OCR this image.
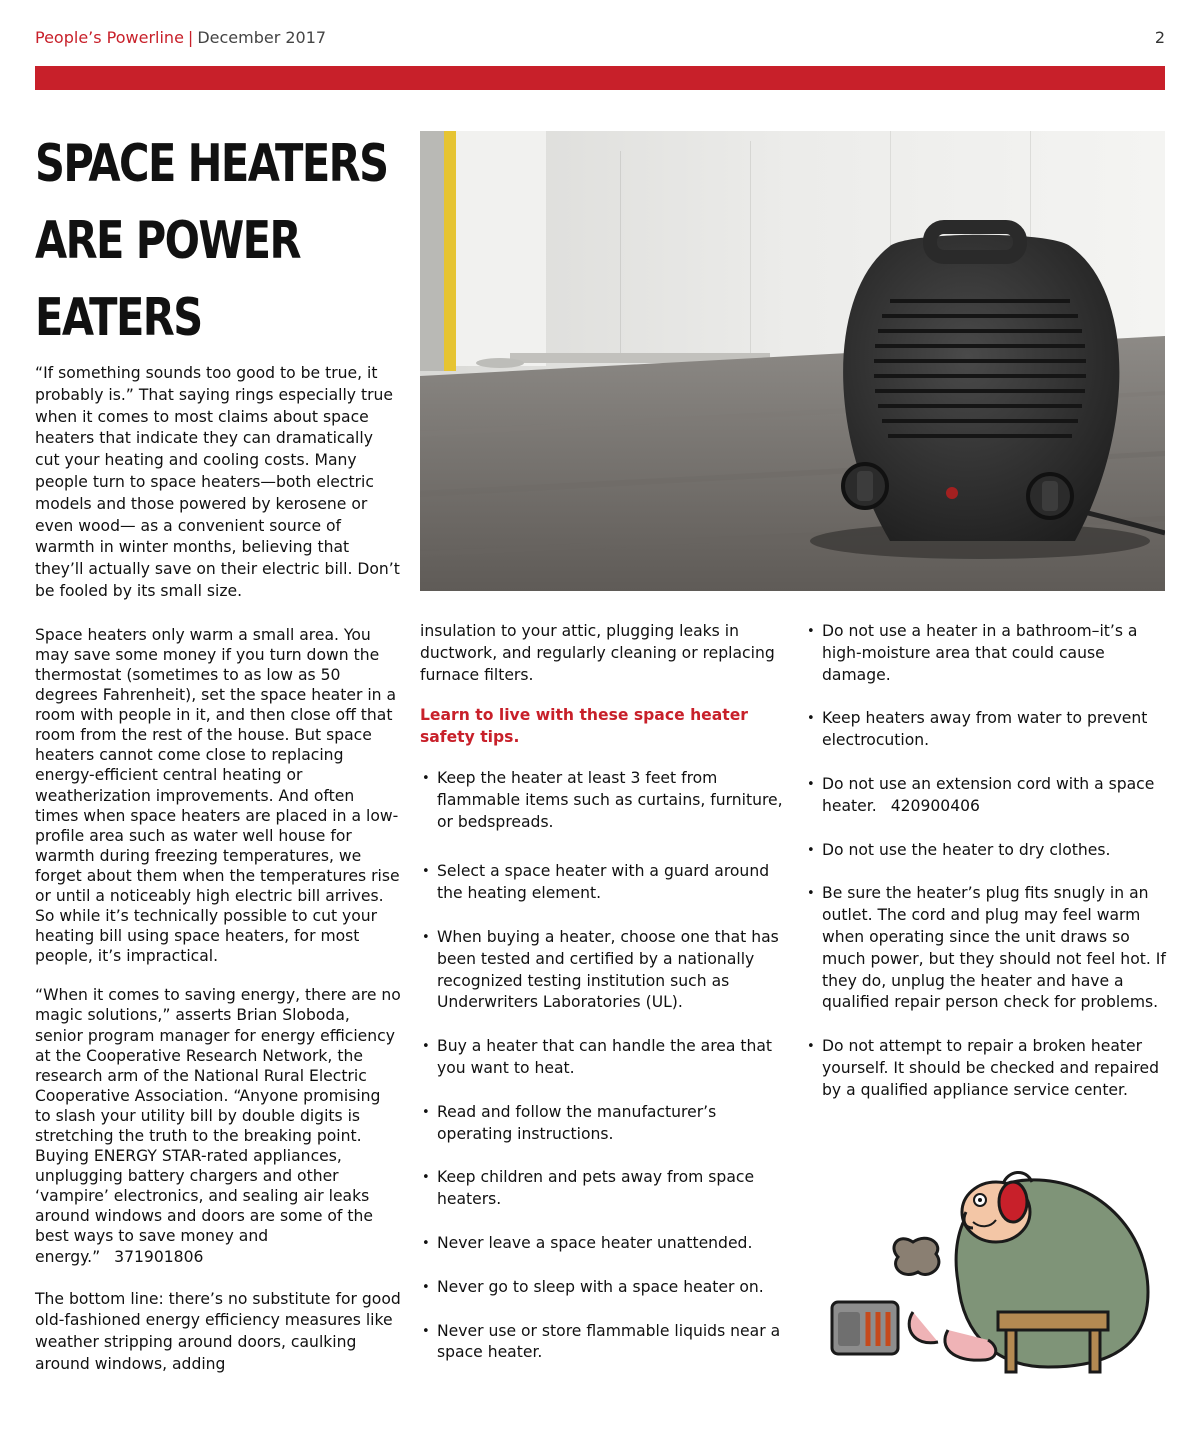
People’s Powerline | December 2017	2
SPACE HEATERS
ARE POWER
EATERS

“If something sounds too good to be true, it probably is.” That saying rings especially true when it comes to most claims about space heaters that indicate they can dramatically cut your heating and cooling costs. Many people turn to space heaters—both electric models and those powered by kerosene or even wood— as a convenient source of warmth in winter months, believing that they’ll actually save on their electric bill. Don’t be fooled by its small size.

Space heaters only warm a small area. You may save some money if you turn down the thermostat (sometimes to as low as 50 degrees Fahrenheit), set the space heater in a room with people in it, and then close off that room from the rest of the house. But space heaters cannot come close to replacing energy-efficient central heating or weatherization improvements. And often times when space heaters are placed in a low-profile area such as water well house for warmth during freezing temperatures, we forget about them when the temperatures rise or until a noticeably high electric bill arrives. So while it’s technically possible to cut your heating bill using space heaters, for most people, it’s impractical.

“When it comes to saving energy, there are no magic solutions,” asserts Brian Sloboda, senior program manager for energy efficiency at the Cooperative Research Network, the research arm of the National Rural Electric Cooperative Association. “Anyone promising to slash your utility bill by double digits is stretching the truth to the breaking point. Buying ENERGY STAR-rated appliances, unplugging battery chargers and other ‘vampire’ electronics, and sealing air leaks around windows and doors are some of the best ways to save money and energy.” 371901806

The bottom line: there’s no substitute for good old-fashioned energy efficiency measures like weather stripping around doors, caulking around windows, adding

insulation to your attic, plugging leaks in ductwork, and regularly cleaning or replacing furnace filters.

Learn to live with these space heater safety tips.

• Keep the heater at least 3 feet from flammable items such as curtains, furniture, or bedspreads.
• Select a space heater with a guard around the heating element.
• When buying a heater, choose one that has been tested and certified by a nationally recognized testing institution such as Underwriters Laboratories (UL).
• Buy a heater that can handle the area that you want to heat.
• Read and follow the manufacturer’s operating instructions.
• Keep children and pets away from space heaters.
• Never leave a space heater unattended.
• Never go to sleep with a space heater on.
• Never use or store flammable liquids near a space heater.
• Do not use a heater in a bathroom–it’s a high-moisture area that could cause damage.
• Keep heaters away from water to prevent electrocution.
• Do not use an extension cord with a space heater. 420900406
• Do not use the heater to dry clothes.
• Be sure the heater’s plug fits snugly in an outlet. The cord and plug may feel warm when operating since the unit draws so much power, but they should not feel hot. If they do, unplug the heater and have a qualified repair person check for problems.
• Do not attempt to repair a broken heater yourself. It should be checked and repaired by a qualified appliance service center.
